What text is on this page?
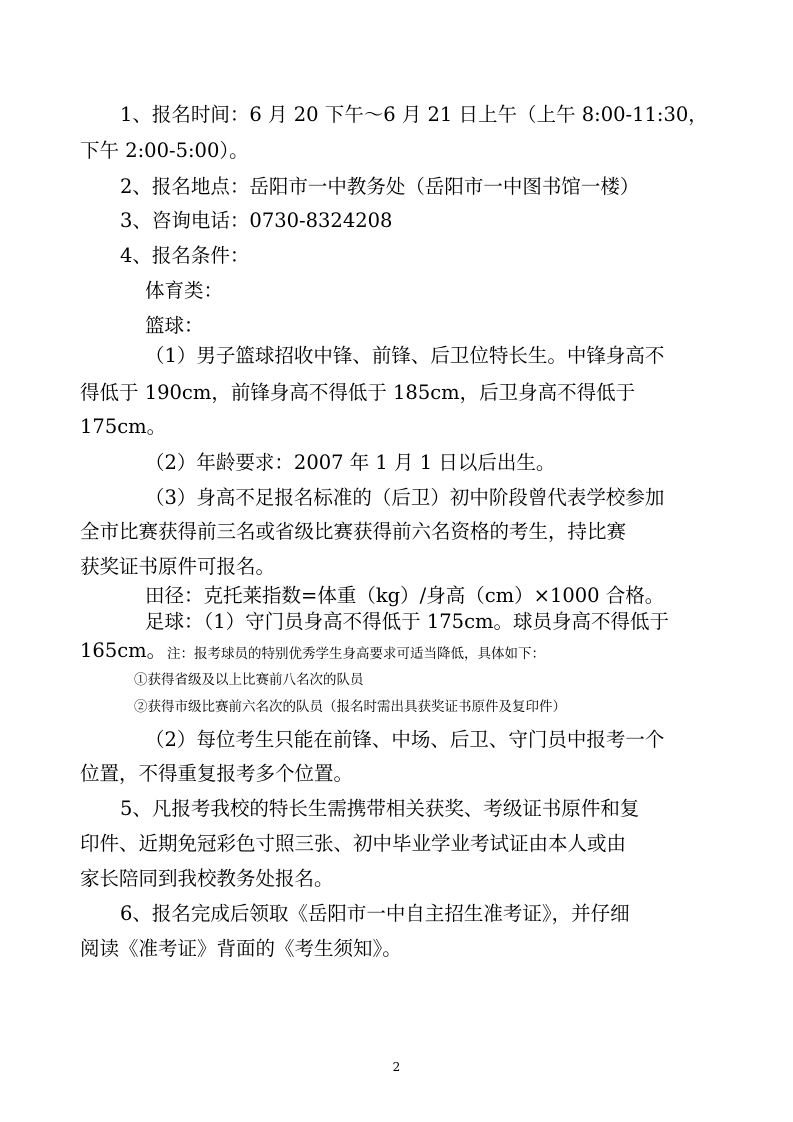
1、报名时间：6 月 20 下午～6 月 21 日上午（上午 8:00-11:30，
下午 2:00-5:00）。
2、报名地点：岳阳市一中教务处（岳阳市一中图书馆一楼）
3、咨询电话：0730-8324208
4、报名条件：
体育类：
篮球：
（1）男子篮球招收中锋、前锋、后卫位特长生。中锋身高不
得低于 190cm，前锋身高不得低于 185cm，后卫身高不得低于
175cm。
（2）年龄要求：2007 年 1 月 1 日以后出生。
（3）身高不足报名标准的（后卫）初中阶段曾代表学校参加
全市比赛获得前三名或省级比赛获得前六名资格的考生，持比赛
获奖证书原件可报名。
田径：克托莱指数=体重（kg）/身高（cm）×1000 合格。
足球：（1）守门员身高不得低于 175cm。球员身高不得低于
165cm。 注：报考球员的特别优秀学生身高要求可适当降低，具体如下：
①获得省级及以上比赛前八名次的队员
②获得市级比赛前六名次的队员（报名时需出具获奖证书原件及复印件）
（2）每位考生只能在前锋、中场、后卫、守门员中报考一个
位置，不得重复报考多个位置。
5、凡报考我校的特长生需携带相关获奖、考级证书原件和复
印件、近期免冠彩色寸照三张、初中毕业学业考试证由本人或由
家长陪同到我校教务处报名。
6、报名完成后领取《岳阳市一中自主招生准考证》，并仔细
阅读《准考证》背面的《考生须知》。
2
